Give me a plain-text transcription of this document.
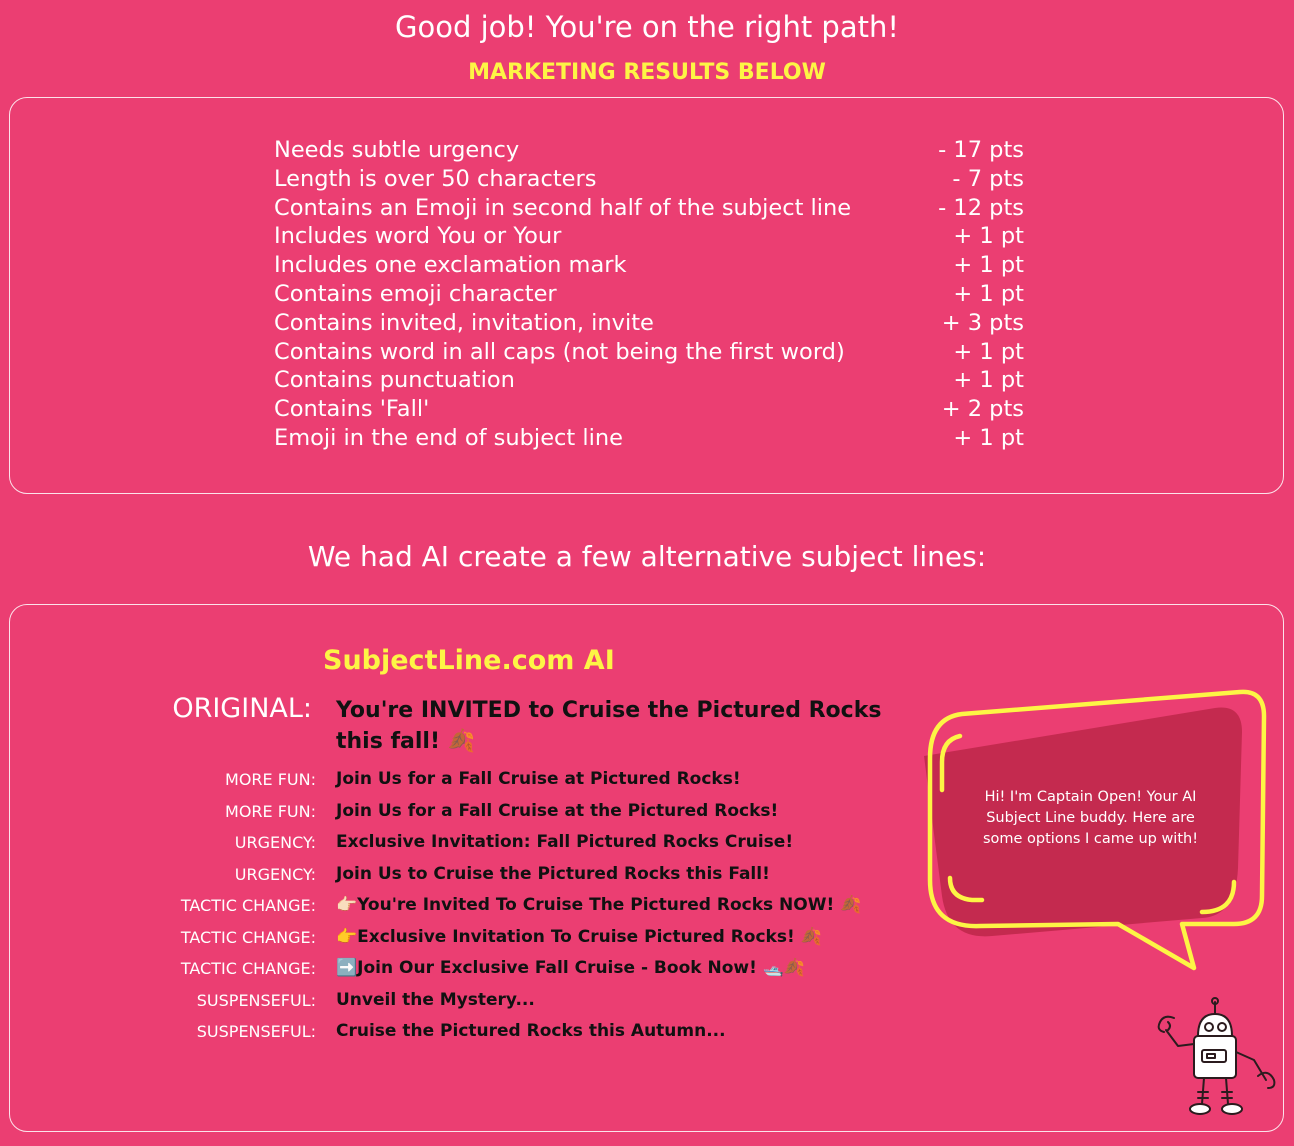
Good job! You're on the right path!
MARKETING RESULTS BELOW
Needs subtle urgency	- 17 pts
Length is over 50 characters	- 7 pts
Contains an Emoji in second half of the subject line	- 12 pts
Includes word You or Your	+ 1 pt
Includes one exclamation mark	+ 1 pt
Contains emoji character	+ 1 pt
Contains invited, invitation, invite	+ 3 pts
Contains word in all caps (not being the first word)	+ 1 pt
Contains punctuation	+ 1 pt
Contains 'Fall'	+ 2 pts
Emoji in the end of subject line	+ 1 pt
We had AI create a few alternative subject lines:
SubjectLine.com AI
ORIGINAL: You're INVITED to Cruise the Pictured Rocks this fall! 🍂
MORE FUN: Join Us for a Fall Cruise at Pictured Rocks!
MORE FUN: Join Us for a Fall Cruise at the Pictured Rocks!
URGENCY: Exclusive Invitation: Fall Pictured Rocks Cruise!
URGENCY: Join Us to Cruise the Pictured Rocks this Fall!
TACTIC CHANGE: 👉🏻You're Invited To Cruise The Pictured Rocks NOW! 🍂
TACTIC CHANGE: 👉Exclusive Invitation To Cruise Pictured Rocks! 🍂
TACTIC CHANGE: ➡️Join Our Exclusive Fall Cruise - Book Now! 🛥️🍂
SUSPENSEFUL: Unveil the Mystery...
SUSPENSEFUL: Cruise the Pictured Rocks this Autumn...
Hi! I'm Captain Open! Your AI Subject Line buddy. Here are some options I came up with!
